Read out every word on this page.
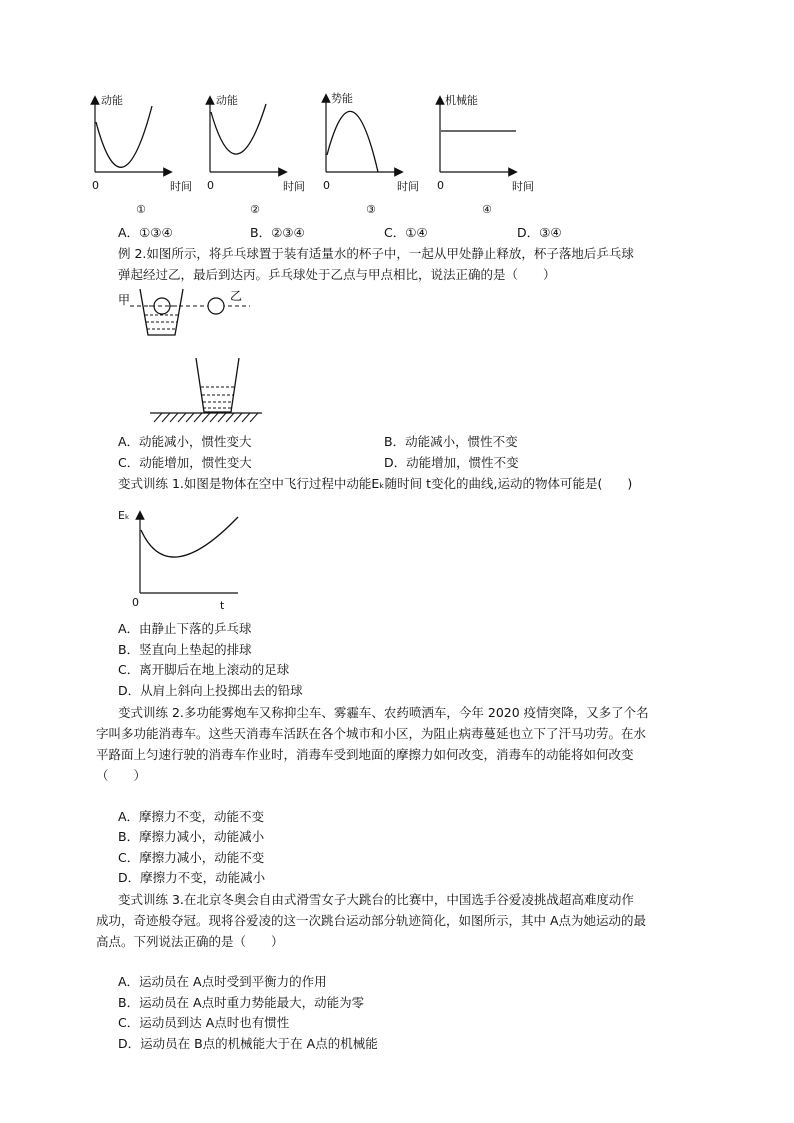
动能
0	时间
①
动能
0	时间
②
势能
0	时间
③
机械能
0	时间
④
A．①③④	B．②③④	C．①④	D．③④
例 2.如图所示，将乒乓球置于装有适量水的杯子中，一起从甲处静止释放，杯子落地后乒乓球
弹起经过乙，最后到达丙。乒乓球处于乙点与甲点相比，说法正确的是（　　）
甲	乙
A．动能减小，惯性变大	B．动能减小，惯性不变
C．动能增加，惯性变大	D．动能增加，惯性不变
变式训练 1.如图是物体在空中飞行过程中动能Eₖ随时间 t变化的曲线,运动的物体可能是(　　)
Eₖ
0	t
A．由静止下落的乒乓球
B．竖直向上垫起的排球
C．离开脚后在地上滚动的足球
D．从肩上斜向上投掷出去的铅球
变式训练 2.多功能雾炮车又称抑尘车、雾霾车、农药喷洒车，今年 2020 疫情突降，又多了个名
字叫多功能消毒车。这些天消毒车活跃在各个城市和小区，为阻止病毒蔓延也立下了汗马功劳。在水
平路面上匀速行驶的消毒车作业时，消毒车受到地面的摩擦力如何改变，消毒车的动能将如何改变
（　　）
A．摩擦力不变，动能不变
B．摩擦力减小，动能减小
C．摩擦力减小，动能不变
D．摩擦力不变，动能减小
变式训练 3.在北京冬奥会自由式滑雪女子大跳台的比赛中，中国选手谷爱凌挑战超高难度动作
成功，奇迹般夺冠。现将谷爱凌的这一次跳台运动部分轨迹简化，如图所示，其中 A点为她运动的最
高点。下列说法正确的是（　　）
A．运动员在 A点时受到平衡力的作用
B．运动员在 A点时重力势能最大，动能为零
C．运动员到达 A点时也有惯性
D．运动员在 B点的机械能大于在 A点的机械能
